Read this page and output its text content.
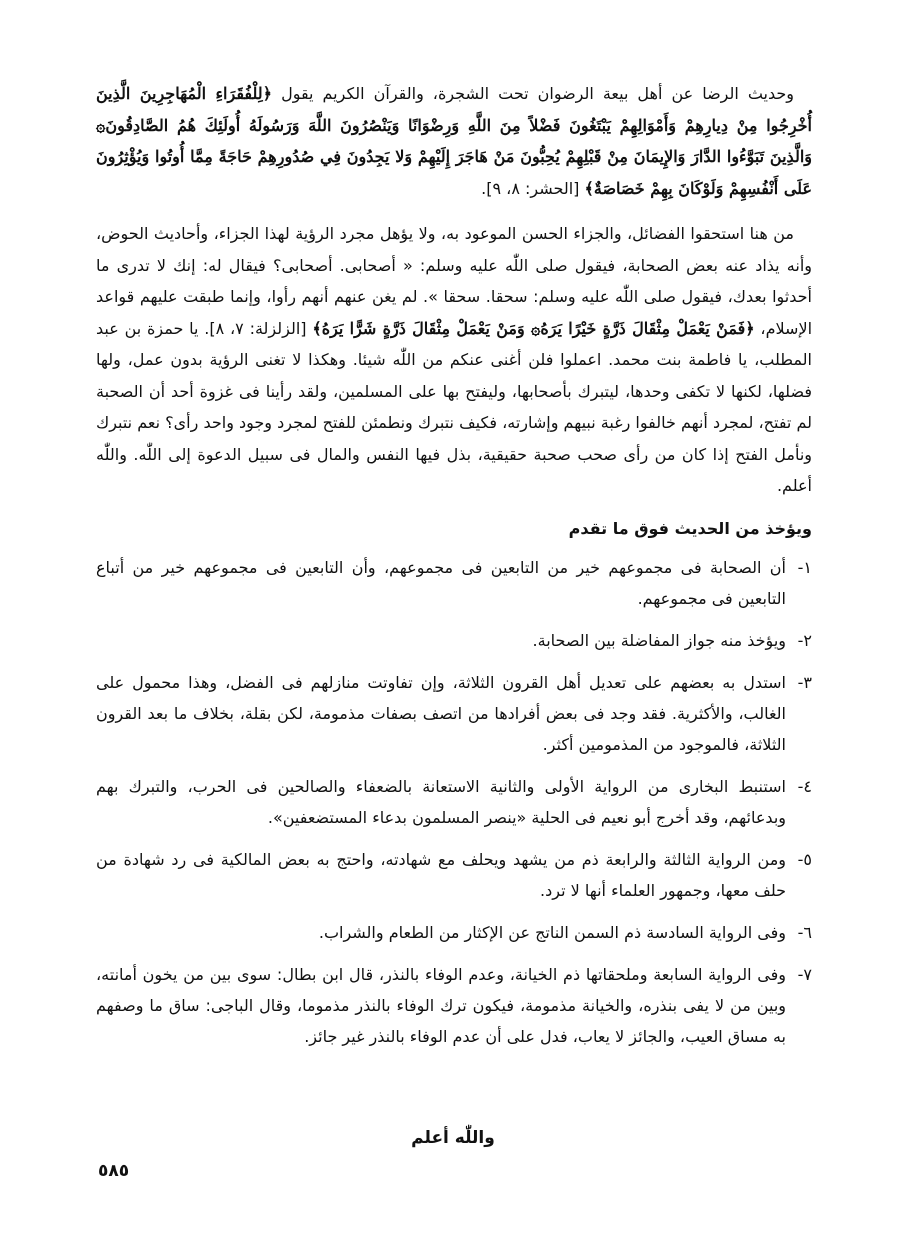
وحديث الرضا عن أهل بيعة الرضوان تحت الشجرة، والقرآن الكريم يقول ﴿لِلْفُقَرَاءِ الْمُهَاجِرِينَ الَّذِينَ أُخْرِجُوا مِنْ دِيارِهِمْ وَأَمْوَالِهِمْ يَبْتَغُونَ فَضْلاً مِنَ اللَّهِ وَرِضْوَانًا وَيَنْصُرُونَ اللَّهَ وَرَسُولَهُ أُولَئِكَ هُمُ الصَّادِقُونَ۞ وَالَّذِينَ تَبَوَّءُوا الدَّارَ وَالإِيمَانَ مِنْ قَبْلِهِمْ يُحِبُّونَ مَنْ هَاجَرَ إِلَيْهِمْ وَلا يَجِدُونَ فِي صُدُورِهِمْ حَاجَةً مِمَّا أُوتُوا وَيُؤْثِرُونَ عَلَى أَنْفُسِهِمْ وَلَوْكَانَ بِهِمْ خَصَاصَةٌ﴾ [الحشر: ٨، ٩].

من هنا استحقوا الفضائل، والجزاء الحسن الموعود به، ولا يؤهل مجرد الرؤية لهذا الجزاء، وأحاديث الحوض، وأنه يذاد عنه بعض الصحابة، فيقول صلى اللّٰه عليه وسلم: « أصحابى. أصحابى؟ فيقال له: إنك لا تدرى ما أحدثوا بعدك، فيقول صلى اللّٰه عليه وسلم: سحقا. سحقا ». لم يغن عنهم أنهم رأوا، وإنما طبقت عليهم قواعد الإسلام، ﴿فَمَنْ يَعْمَلْ مِثْقَالَ ذَرَّةٍ خَيْرًا يَرَهُ۞ وَمَنْ يَعْمَلْ مِثْقَالَ ذَرَّةٍ شَرًّا يَرَهُ﴾ [الزلزلة: ٧، ٨]. يا حمزة بن عبد المطلب، يا فاطمة بنت محمد. اعملوا فلن أغنى عنكم من اللّٰه شيئا. وهكذا لا تغنى الرؤية بدون عمل، ولها فضلها، لكنها لا تكفى وحدها، ليتبرك بأصحابها، وليفتح بها على المسلمين، ولقد رأينا فى غزوة أحد أن الصحبة لم تفتح، لمجرد أنهم خالفوا رغبة نبيهم وإشارته، فكيف نتبرك ونطمئن للفتح لمجرد وجود واحد رأى؟ نعم نتبرك ونأمل الفتح إذا كان من رأى صحب صحبة حقيقية، بذل فيها النفس والمال فى سبيل الدعوة إلى اللّٰه. واللّٰه أعلم.

ويؤخذ من الحديث فوق ما تقدم
١-
أن الصحابة فى مجموعهم خير من التابعين فى مجموعهم، وأن التابعين فى مجموعهم خير من أتباع التابعين فى مجموعهم.
٢-
ويؤخذ منه جواز المفاضلة بين الصحابة.
٣-
استدل به بعضهم على تعديل أهل القرون الثلاثة، وإن تفاوتت منازلهم فى الفضل، وهذا محمول على الغالب، والأكثرية. فقد وجد فى بعض أفرادها من اتصف بصفات مذمومة، لكن بقلة، بخلاف ما بعد القرون الثلاثة، فالموجود من المذمومين أكثر.
٤-
استنبط البخارى من الرواية الأولى والثانية الاستعانة بالضعفاء والصالحين فى الحرب، والتبرك بهم وبدعائهم، وقد أخرج أبو نعيم فى الحلية «ينصر المسلمون بدعاء المستضعفين».
٥-
ومن الرواية الثالثة والرابعة ذم من يشهد ويحلف مع شهادته، واحتج به بعض المالكية فى رد شهادة من حلف معها، وجمهور العلماء أنها لا ترد.
٦-
وفى الرواية السادسة ذم السمن الناتج عن الإكثار من الطعام والشراب.
٧-
وفى الرواية السابعة وملحقاتها ذم الخيانة، وعدم الوفاء بالنذر، قال ابن بطال: سوى بين من يخون أمانته، وبين من لا يفى بنذره، والخيانة مذمومة، فيكون ترك الوفاء بالنذر مذموما، وقال الباجى: ساق ما وصفهم به مساق العيب، والجائز لا يعاب، فدل على أن عدم الوفاء بالنذر غير جائز.
واللّٰه أعلم
٥٨٥
